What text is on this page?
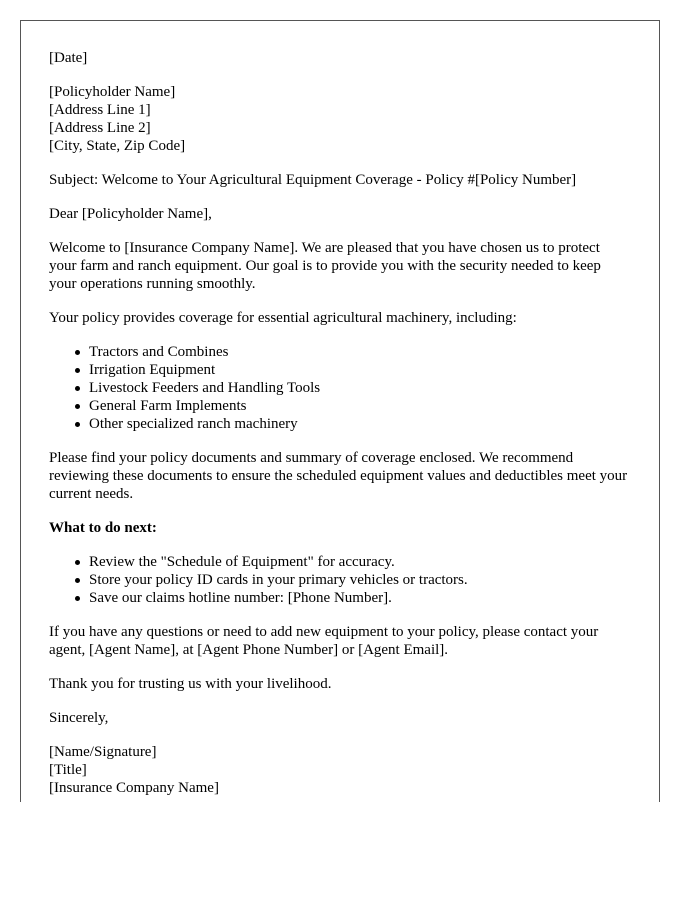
[Date]
[Policyholder Name]
[Address Line 1]
[Address Line 2]
[City, State, Zip Code]

Subject: Welcome to Your Agricultural Equipment Coverage - Policy #[Policy Number]

Dear [Policyholder Name],

Welcome to [Insurance Company Name]. We are pleased that you have chosen us to protect your farm and ranch equipment. Our goal is to provide you with the security needed to keep your operations running smoothly.

Your policy provides coverage for essential agricultural machinery, including:

Tractors and Combines
Irrigation Equipment
Livestock Feeders and Handling Tools
General Farm Implements
Other specialized ranch machinery

Please find your policy documents and summary of coverage enclosed. We recommend reviewing these documents to ensure the scheduled equipment values and deductibles meet your current needs.

What to do next:
Review the "Schedule of Equipment" for accuracy.
Store your policy ID cards in your primary vehicles or tractors.
Save our claims hotline number: [Phone Number].

If you have any questions or need to add new equipment to your policy, please contact your agent, [Agent Name], at [Agent Phone Number] or [Agent Email].

Thank you for trusting us with your livelihood.

Sincerely,

[Name/Signature]
[Title]
[Insurance Company Name]
